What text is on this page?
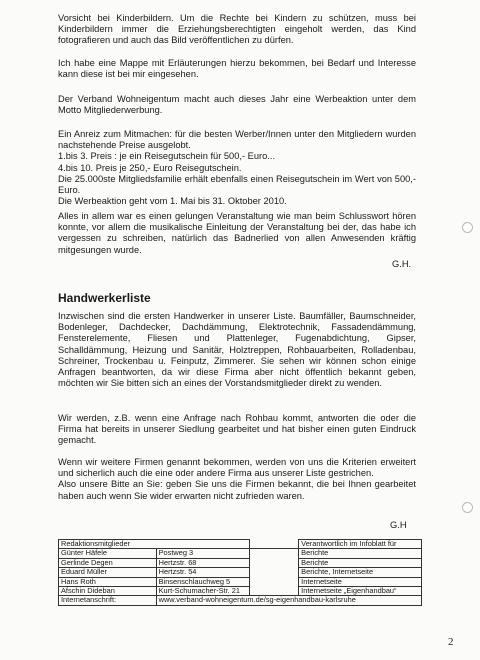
Vorsicht bei Kinderbildern. Um die Rechte bei Kindern zu schützen, muss bei Kinderbildern immer die Erziehungsberechtigten eingeholt werden, das Kind fotografieren und auch das Bild veröffentlichen zu dürfen.

Ich habe eine Mappe mit Erläuterungen hierzu bekommen, bei Bedarf und Interesse kann diese ist bei mir eingesehen.

Der Verband Wohneigentum macht auch dieses Jahr eine Werbeaktion unter dem Motto Mitgliederwerbung.

Ein Anreiz zum Mitmachen: für die besten Werber/Innen unter den Mitgliedern wurden nachstehende Preise ausgelobt.
1.bis 3. Preis : je ein Reisegutschein für 500,- Euro...
4.bis 10. Preis je 250,- Euro Reisegutschein.
Die 25.000ste Mitgliedsfamilie erhält ebenfalls einen Reisegutschein im Wert von 500,- Euro.
Die Werbeaktion geht vom 1. Mai bis 31. Oktober 2010.

Alles in allem war es einen gelungen Veranstaltung wie man beim Schlusswort hören konnte, vor allem die musikalische Einleitung der Veranstaltung bei der, das habe ich vergessen zu schreiben, natürlich das Badnerlied von allen Anwesenden kräftig mitgesungen wurde.

G.H.
Handwerkerliste

Inzwischen sind die ersten Handwerker in unserer Liste. Baumfäller, Baumschneider, Bodenleger, Dachdecker, Dachdämmung, Elektrotechnik, Fassadendämmung, Fensterelemente, Fliesen und Plattenleger, Fugenabdichtung, Gipser, Schalldämmung, Heizung und Sanitär, Holztreppen, Rohbauarbeiten, Rolladenbau, Schreiner, Trockenbau u. Feinputz, Zimmerer. Sie sehen wir können schon einige Anfragen beantworten, da wir diese Firma aber nicht öffentlich bekannt geben, möchten wir Sie bitten sich an eines der Vorstandsmitglieder direkt zu wenden.

Wir werden, z.B. wenn eine Anfrage nach Rohbau kommt, antworten die oder die Firma hat bereits in unserer Siedlung gearbeitet und hat bisher einen guten Eindruck gemacht.

Wenn wir weitere Firmen genannt bekommen, werden von uns die Kriterien erweitert und sicherlich auch die eine oder andere Firma aus unserer Liste gestrichen.
Also unsere Bitte an Sie: geben Sie uns die Firmen bekannt, die bei Ihnen gearbeitet haben auch wenn Sie wider erwarten nicht zufrieden waren.
G.H
Redaktionsmitglieder			Verantwortlich im Infoblatt für
Günter Häfele	Postweg 3		Berichte
Gerlinde Degen	Hertzstr. 68		Berichte
Eduard Müller	Hertzstr. 54		Berichte, Internetseite
Hans Roth	Binsenschlauchweg 5		Internetseite
Afschin Dideban	Kurt-Schumacher-Str. 21		Internetseite „Eigenhandbau“
Internetanschrift:	www.verband-wohneigentum.de/sg-eigenhandbau-karlsruhe		
2
